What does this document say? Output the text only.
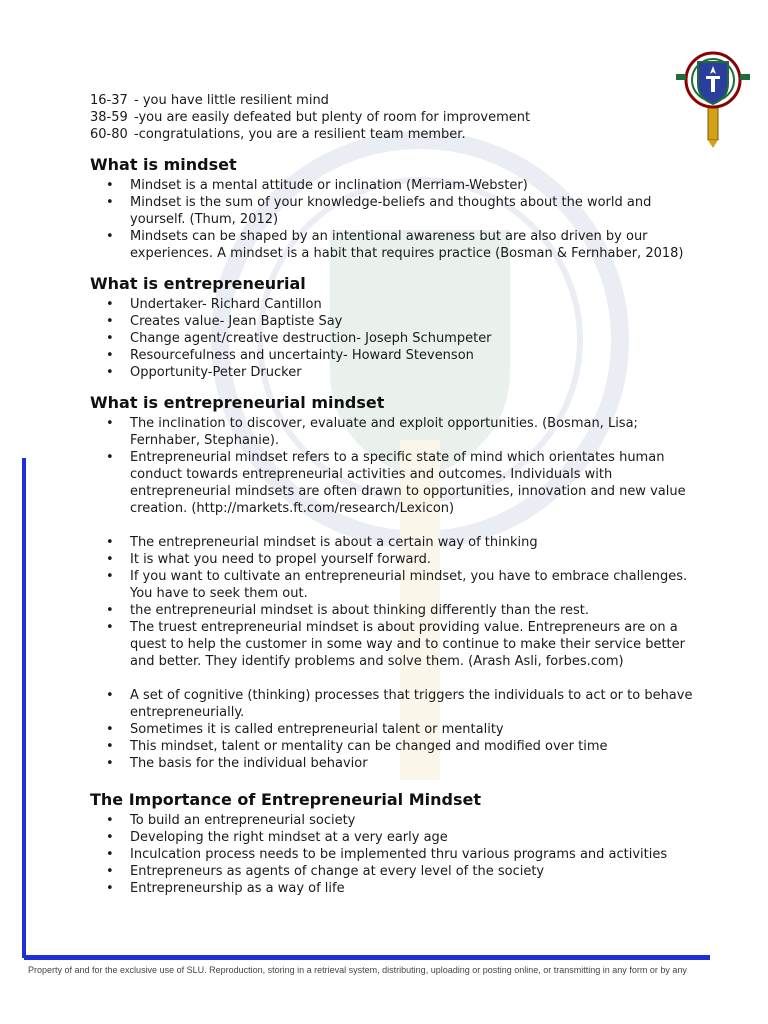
16-37 - you have little resilient mind
38-59 -you are easily defeated but plenty of room for improvement
60-80 -congratulations, you are a resilient team member.
What is mindset
• Mindset is a mental attitude or inclination (Merriam-Webster)
• Mindset is the sum of your knowledge-beliefs and thoughts about the world and yourself. (Thum, 2012)
• Mindsets can be shaped by an intentional awareness but are also driven by our experiences. A mindset is a habit that requires practice (Bosman & Fernhaber, 2018)
What is entrepreneurial
• Undertaker- Richard Cantillon
• Creates value- Jean Baptiste Say
• Change agent/creative destruction- Joseph Schumpeter
• Resourcefulness and uncertainty- Howard Stevenson
• Opportunity-Peter Drucker
What is entrepreneurial mindset
• The inclination to discover, evaluate and exploit opportunities. (Bosman, Lisa; Fernhaber, Stephanie).
• Entrepreneurial mindset refers to a specific state of mind which orientates human conduct towards entrepreneurial activities and outcomes. Individuals with entrepreneurial mindsets are often drawn to opportunities, innovation and new value creation. (http://markets.ft.com/research/Lexicon)
• The entrepreneurial mindset is about a certain way of thinking
• It is what you need to propel yourself forward.
• If you want to cultivate an entrepreneurial mindset, you have to embrace challenges. You have to seek them out.
• the entrepreneurial mindset is about thinking differently than the rest.
• The truest entrepreneurial mindset is about providing value. Entrepreneurs are on a quest to help the customer in some way and to continue to make their service better and better. They identify problems and solve them. (Arash Asli, forbes.com)
• A set of cognitive (thinking) processes that triggers the individuals to act or to behave entrepreneurially.
• Sometimes it is called entrepreneurial talent or mentality
• This mindset, talent or mentality can be changed and modified over time
• The basis for the individual behavior
The Importance of Entrepreneurial Mindset
• To build an entrepreneurial society
• Developing the right mindset at a very early age
• Inculcation process needs to be implemented thru various programs and activities
• Entrepreneurs as agents of change at every level of the society
• Entrepreneurship as a way of life
Property of and for the exclusive use of SLU. Reproduction, storing in a retrieval system, distributing, uploading or posting online, or transmitting in any form or by any
